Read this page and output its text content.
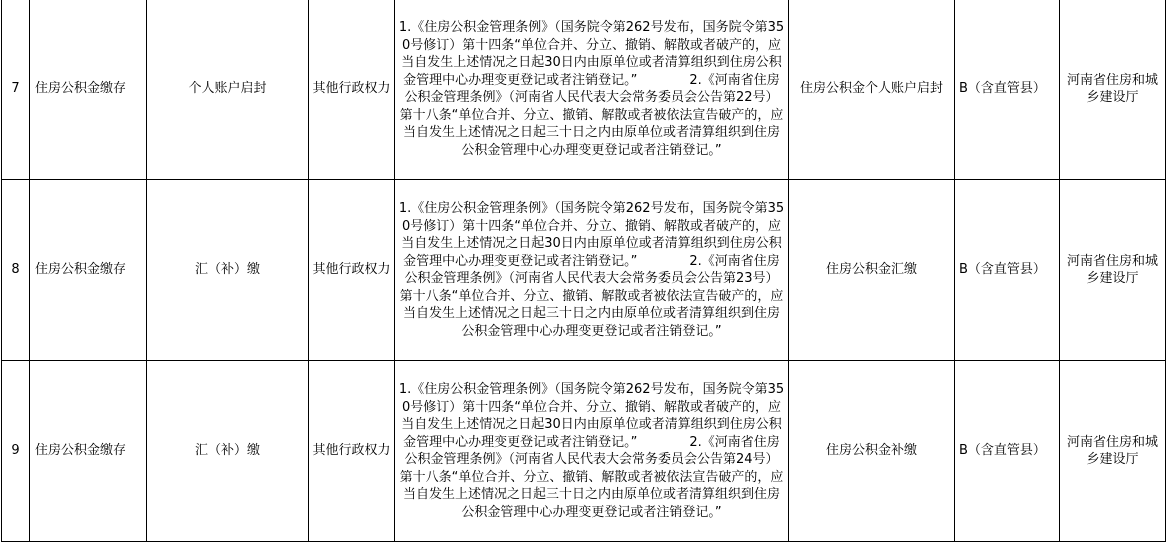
7	住房公积金缴存	个人账户启封	其他行政权力	1.《住房公积金管理条例》（国务院令第262号发布，国务院令第350号修订）第十四条“单位合并、分立、撤销、解散或者破产的，应当自发生上述情况之日起30日内由原单位或者清算组织到住房公积金管理中心办理变更登记或者注销登记。”　　　　2.《河南省住房公积金管理条例》（河南省人民代表大会常务委员会公告第22号）第十八条“单位合并、分立、撤销、解散或者被依法宣告破产的，应当自发生上述情况之日起三十日之内由原单位或者清算组织到住房公积金管理中心办理变更登记或者注销登记。”	住房公积金个人账户启封	B（含直管县）	河南省住房和城乡建设厅
8	住房公积金缴存	汇（补）缴	其他行政权力	1.《住房公积金管理条例》（国务院令第262号发布，国务院令第350号修订）第十四条“单位合并、分立、撤销、解散或者破产的，应当自发生上述情况之日起30日内由原单位或者清算组织到住房公积金管理中心办理变更登记或者注销登记。”　　　　2.《河南省住房公积金管理条例》（河南省人民代表大会常务委员会公告第23号）第十八条“单位合并、分立、撤销、解散或者被依法宣告破产的，应当自发生上述情况之日起三十日之内由原单位或者清算组织到住房公积金管理中心办理变更登记或者注销登记。”	住房公积金汇缴	B（含直管县）	河南省住房和城乡建设厅
9	住房公积金缴存	汇（补）缴	其他行政权力	1.《住房公积金管理条例》（国务院令第262号发布，国务院令第350号修订）第十四条“单位合并、分立、撤销、解散或者破产的，应当自发生上述情况之日起30日内由原单位或者清算组织到住房公积金管理中心办理变更登记或者注销登记。”　　　　2.《河南省住房公积金管理条例》（河南省人民代表大会常务委员会公告第24号）第十八条“单位合并、分立、撤销、解散或者被依法宣告破产的，应当自发生上述情况之日起三十日之内由原单位或者清算组织到住房公积金管理中心办理变更登记或者注销登记。”	住房公积金补缴	B（含直管县）	河南省住房和城乡建设厅
